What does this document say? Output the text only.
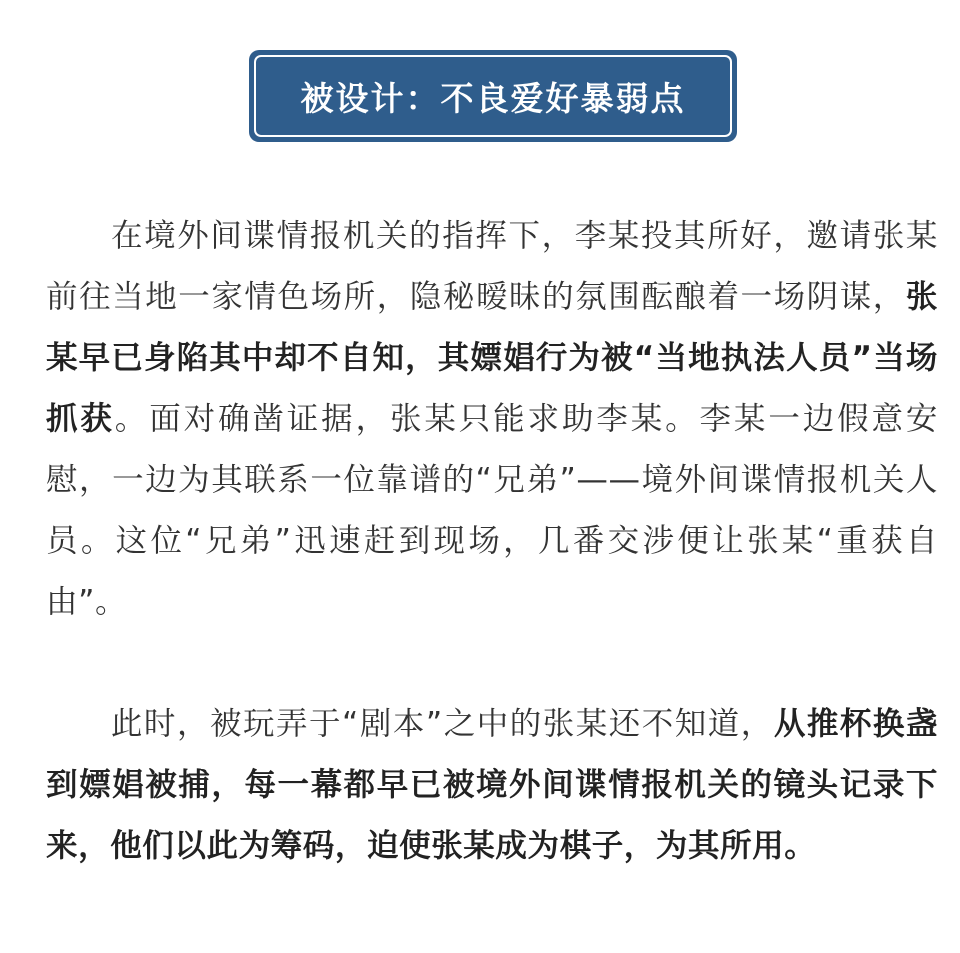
被设计：不良爱好暴弱点

在境外间谍情报机关的指挥下，李某投其所好，邀请张某前往当地一家情色场所，隐秘暧昧的氛围酝酿着一场阴谋，张某早已身陷其中却不自知，其嫖娼行为被“当地执法人员”当场抓获。面对确凿证据，张某只能求助李某。李某一边假意安慰，一边为其联系一位靠谱的“兄弟”——境外间谍情报机关人员。这位“兄弟”迅速赶到现场，几番交涉便让张某“重获自由”。

此时，被玩弄于“剧本”之中的张某还不知道，从推杯换盏到嫖娼被捕，每一幕都早已被境外间谍情报机关的镜头记录下来，他们以此为筹码，迫使张某成为棋子，为其所用。
